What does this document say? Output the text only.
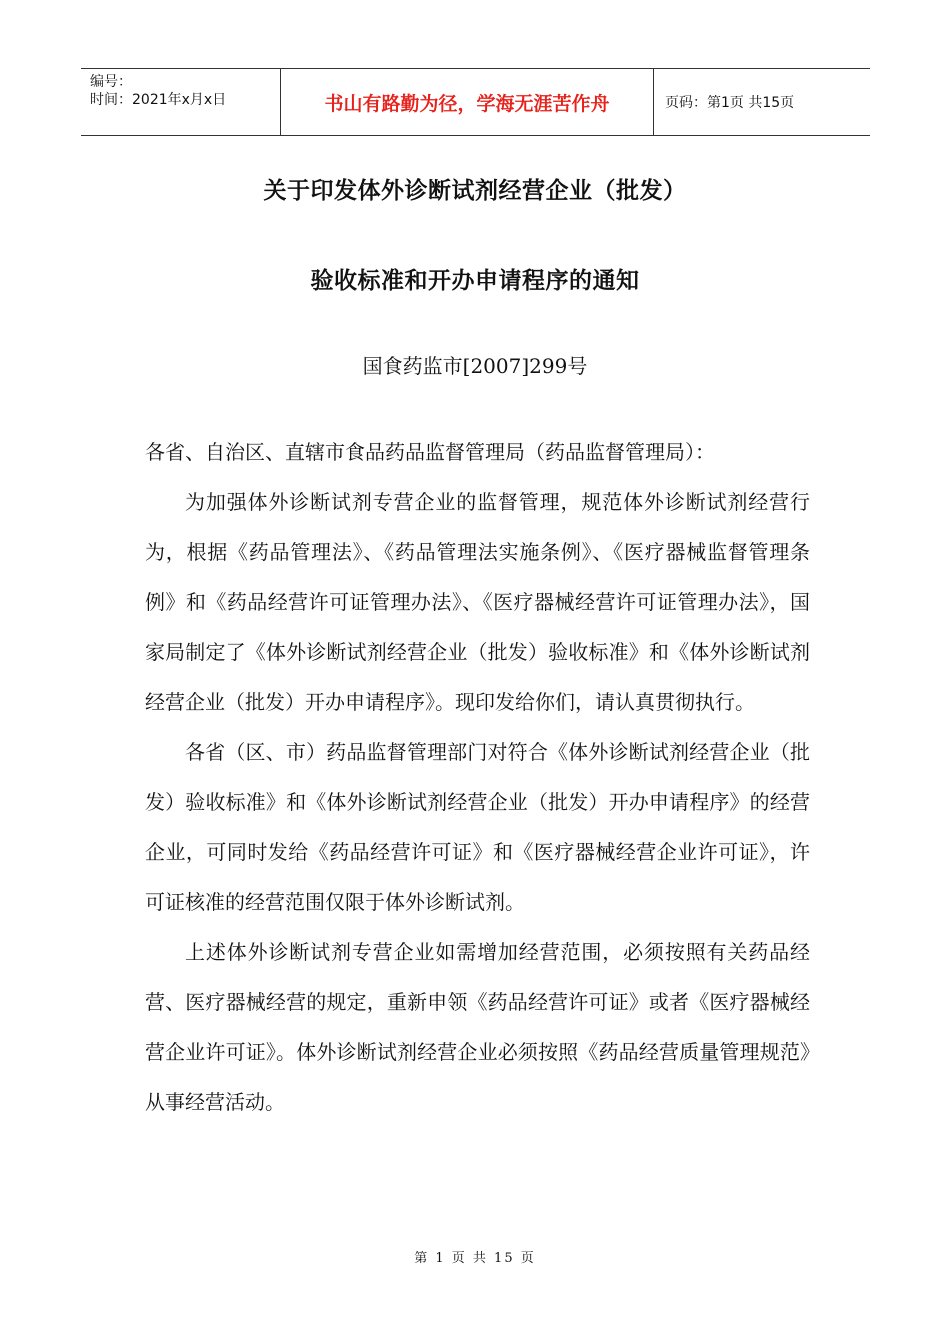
编号：
时间：2021年x月x日	书山有路勤为径，学海无涯苦作舟	页码：第1页 共15页
关于印发体外诊断试剂经营企业（批发）
验收标准和开办申请程序的通知
国食药监市[2007]299号
各省、自治区、直辖市食品药品监督管理局（药品监督管理局）：

为加强体外诊断试剂专营企业的监督管理，规范体外诊断试剂经营行为，根据《药品管理法》、《药品管理法实施条例》、《医疗器械监督管理条例》和《药品经营许可证管理办法》、《医疗器械经营许可证管理办法》，国家局制定了《体外诊断试剂经营企业（批发）验收标准》和《体外诊断试剂经营企业（批发）开办申请程序》。现印发给你们，请认真贯彻执行。

各省（区、市）药品监督管理部门对符合《体外诊断试剂经营企业（批发）验收标准》和《体外诊断试剂经营企业（批发）开办申请程序》的经营企业，可同时发给《药品经营许可证》和《医疗器械经营企业许可证》，许可证核准的经营范围仅限于体外诊断试剂。

上述体外诊断试剂专营企业如需增加经营范围，必须按照有关药品经营、医疗器械经营的规定，重新申领《药品经营许可证》或者《医疗器械经营企业许可证》。体外诊断试剂经营企业必须按照《药品经营质量管理规范》从事经营活动。

第 1 页 共 15 页
